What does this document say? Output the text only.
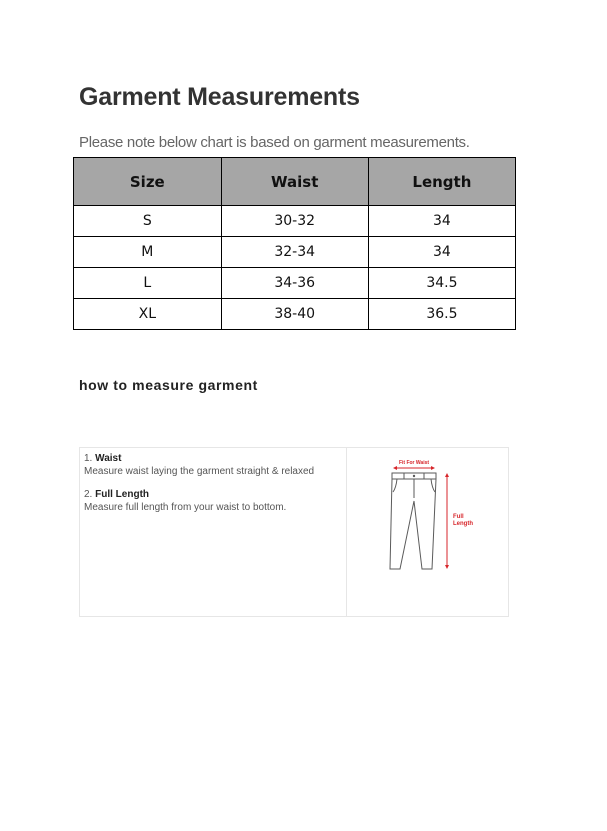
Garment Measurements
Please note below chart is based on garment measurements.
Size	Waist	Length
S	30-32	34
M	32-34	34
L	34-36	34.5
XL	38-40	36.5
how to measure garment
1. Waist
Measure waist laying the garment straight & relaxed
2. Full Length
Measure full length from your waist to bottom.
Fit For Waist
Full
Length
